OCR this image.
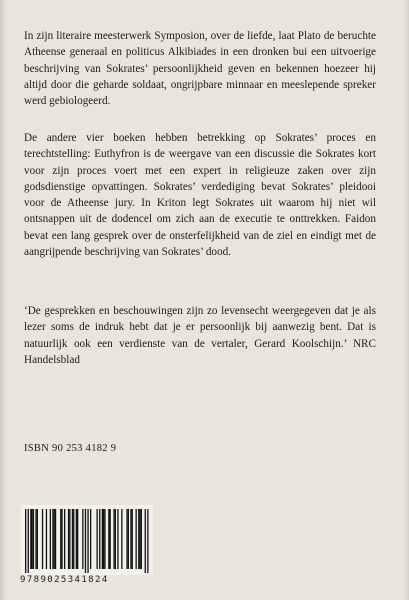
In zijn literaire meesterwerk Symposion, over de liefde, laat Plato de beruchte Atheense generaal en politicus Alkibiades in een dronken bui een uitvoerige beschrijving van Sokrates’ persoonlijkheid geven en bekennen hoezeer hij altijd door die geharde soldaat, ongrijpbare minnaar en meeslepende spreker werd gebiologeerd.

De andere vier boeken hebben betrekking op Sokrates’ proces en terechtstelling: Euthyfron is de weergave van een discussie die Sokrates kort voor zijn proces voert met een expert in religieuze zaken over zijn godsdienstige opvattingen. Sokrates’ verdediging bevat Sokrates’ pleidooi voor de Atheense jury. In Kriton legt Sokrates uit waarom hij niet wil ontsnappen uit de dodencel om zich aan de executie te onttrekken. Faidon bevat een lang gesprek over de onsterfelijkheid van de ziel en eindigt met de aangrijpende beschrijving van Sokrates’ dood.

‘De gesprekken en beschouwingen zijn zo levensecht weergegeven dat je als lezer soms de indruk hebt dat je er persoonlijk bij aanwezig bent. Dat is natuurlijk ook een verdienste van de vertaler, Gerard Koolschijn.’ NRC Handelsblad

ISBN 90 253 4182 9
9789025341824
